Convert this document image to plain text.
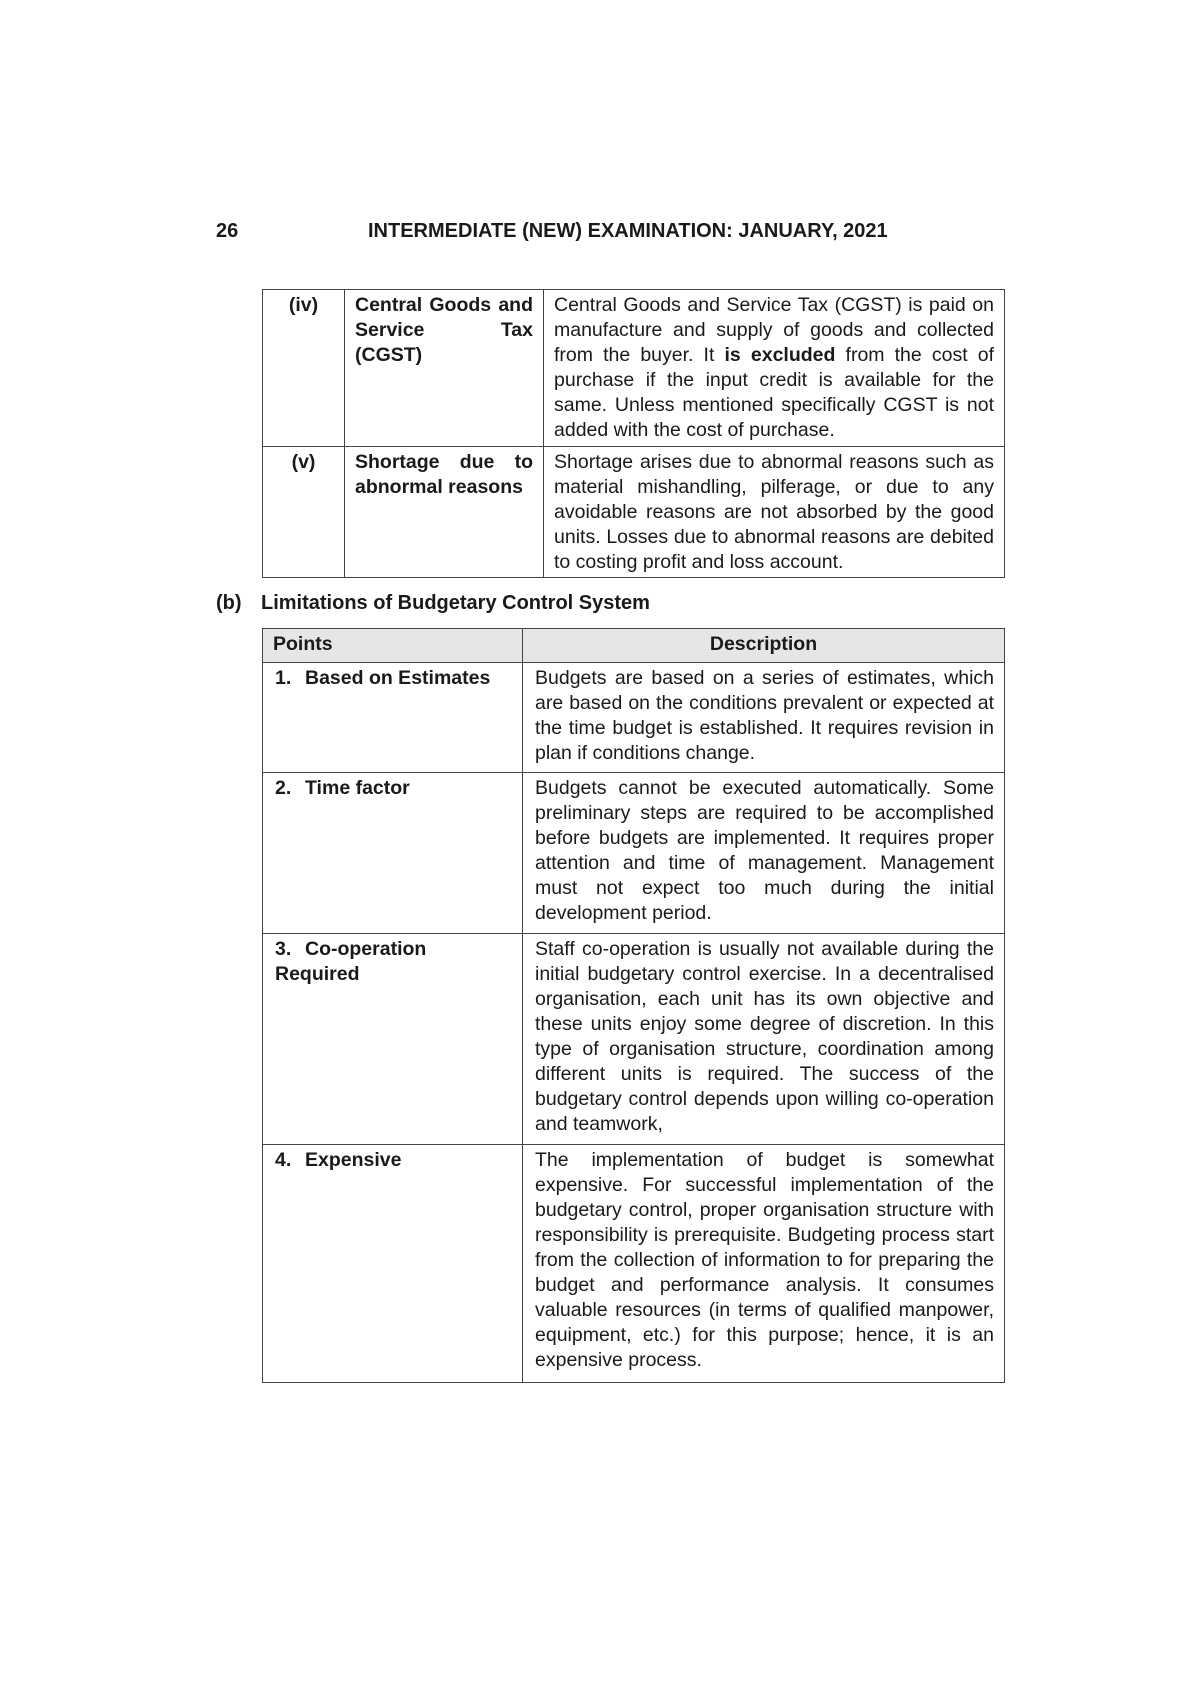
26	INTERMEDIATE (NEW) EXAMINATION: JANUARY, 2021
(iv)	Central Goods and Service Tax (CGST)	Central Goods and Service Tax (CGST) is paid on manufacture and supply of goods and collected from the buyer. It is excluded from the cost of purchase if the input credit is available for the same. Unless mentioned specifically CGST is not added with the cost of purchase.
(v)	Shortage due to abnormal reasons	Shortage arises due to abnormal reasons such as material mishandling, pilferage, or due to any avoidable reasons are not absorbed by the good units. Losses due to abnormal reasons are debited to costing profit and loss account.
(b) Limitations of Budgetary Control System
Points	Description
1. Based on Estimates	Budgets are based on a series of estimates, which are based on the conditions prevalent or expected at the time budget is established. It requires revision in plan if conditions change.
2. Time factor	Budgets cannot be executed automatically. Some preliminary steps are required to be accomplished before budgets are implemented. It requires proper attention and time of management. Management must not expect too much during the initial development period.
3. Co-operation Required	Staff co-operation is usually not available during the initial budgetary control exercise. In a decentralised organisation, each unit has its own objective and these units enjoy some degree of discretion. In this type of organisation structure, coordination among different units is required. The success of the budgetary control depends upon willing co-operation and teamwork,
4. Expensive	The implementation of budget is somewhat expensive. For successful implementation of the budgetary control, proper organisation structure with responsibility is prerequisite. Budgeting process start from the collection of information to for preparing the budget and performance analysis. It consumes valuable resources (in terms of qualified manpower, equipment, etc.) for this purpose; hence, it is an expensive process.
